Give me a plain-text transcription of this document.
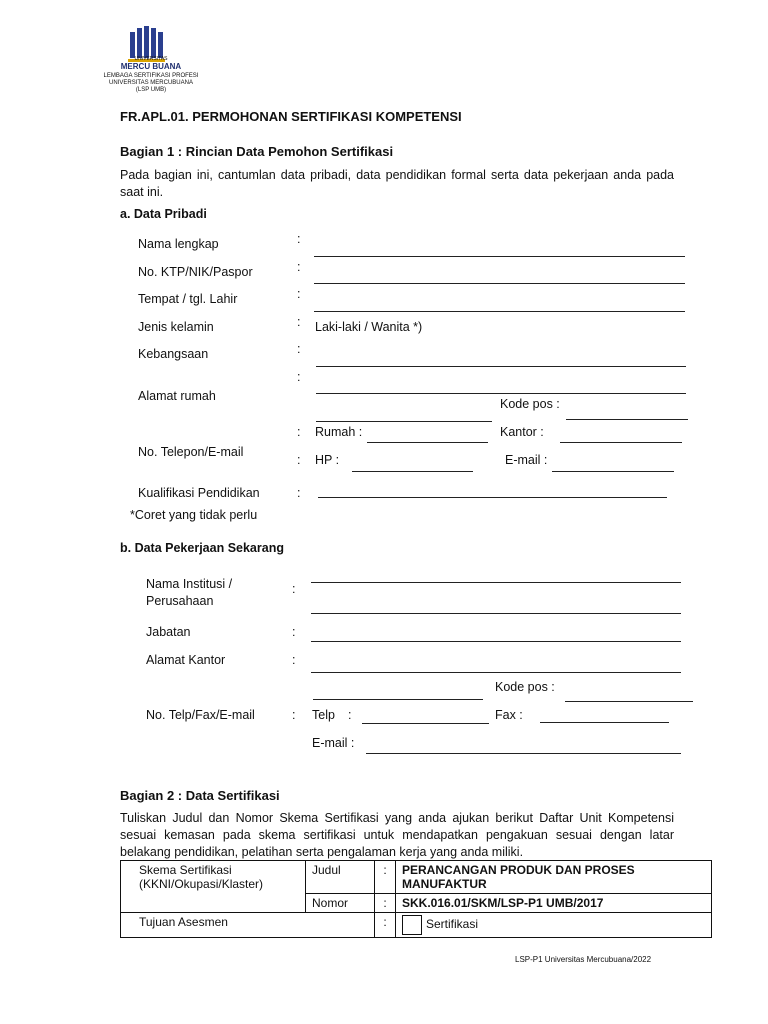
UNIVERSITAS
MERCU BUANA
LEMBAGA SERTIFIKASI PROFESI
UNIVERSITAS MERCUBUANA
(LSP UMB)
FR.APL.01. PERMOHONAN SERTIFIKASI KOMPETENSI
Bagian 1 : Rincian Data Pemohon Sertifikasi
Pada bagian ini, cantumlan data pribadi, data pendidikan formal serta data pekerjaan anda pada saat ini.
a. Data Pribadi
Nama lengkap	:
No. KTP/NIK/Paspor	:
Tempat / tgl. Lahir	:
Jenis kelamin	: Laki-laki / Wanita *)
Kebangsaan	:
:
Alamat rumah
Kode pos :
: Rumah :	Kantor :
No. Telepon/E-mail
: HP :	E-mail :
Kualifikasi Pendidikan	:
*Coret yang tidak perlu
b. Data Pekerjaan Sekarang
Nama Institusi /
Perusahaan
:
Jabatan	:
Alamat Kantor	:
Kode pos :
No. Telp/Fax/E-mail	: Telp :	Fax :
E-mail :
Bagian 2 : Data Sertifikasi
Tuliskan Judul dan Nomor Skema Sertifikasi yang anda ajukan berikut Daftar Unit Kompetensi sesuai kemasan pada skema sertifikasi untuk mendapatkan pengakuan sesuai dengan latar belakang pendidikan, pelatihan serta pengalaman kerja yang anda miliki.
Skema Sertifikasi
(KKNI/Okupasi/Klaster)	Judul	:	PERANCANGAN PRODUK DAN PROSES MANUFAKTUR
	Nomor	:	SKK.016.01/SKM/LSP-P1 UMB/2017
Tujuan Asesmen		:	Sertifikasi
LSP-P1 Universitas Mercubuana/2022
